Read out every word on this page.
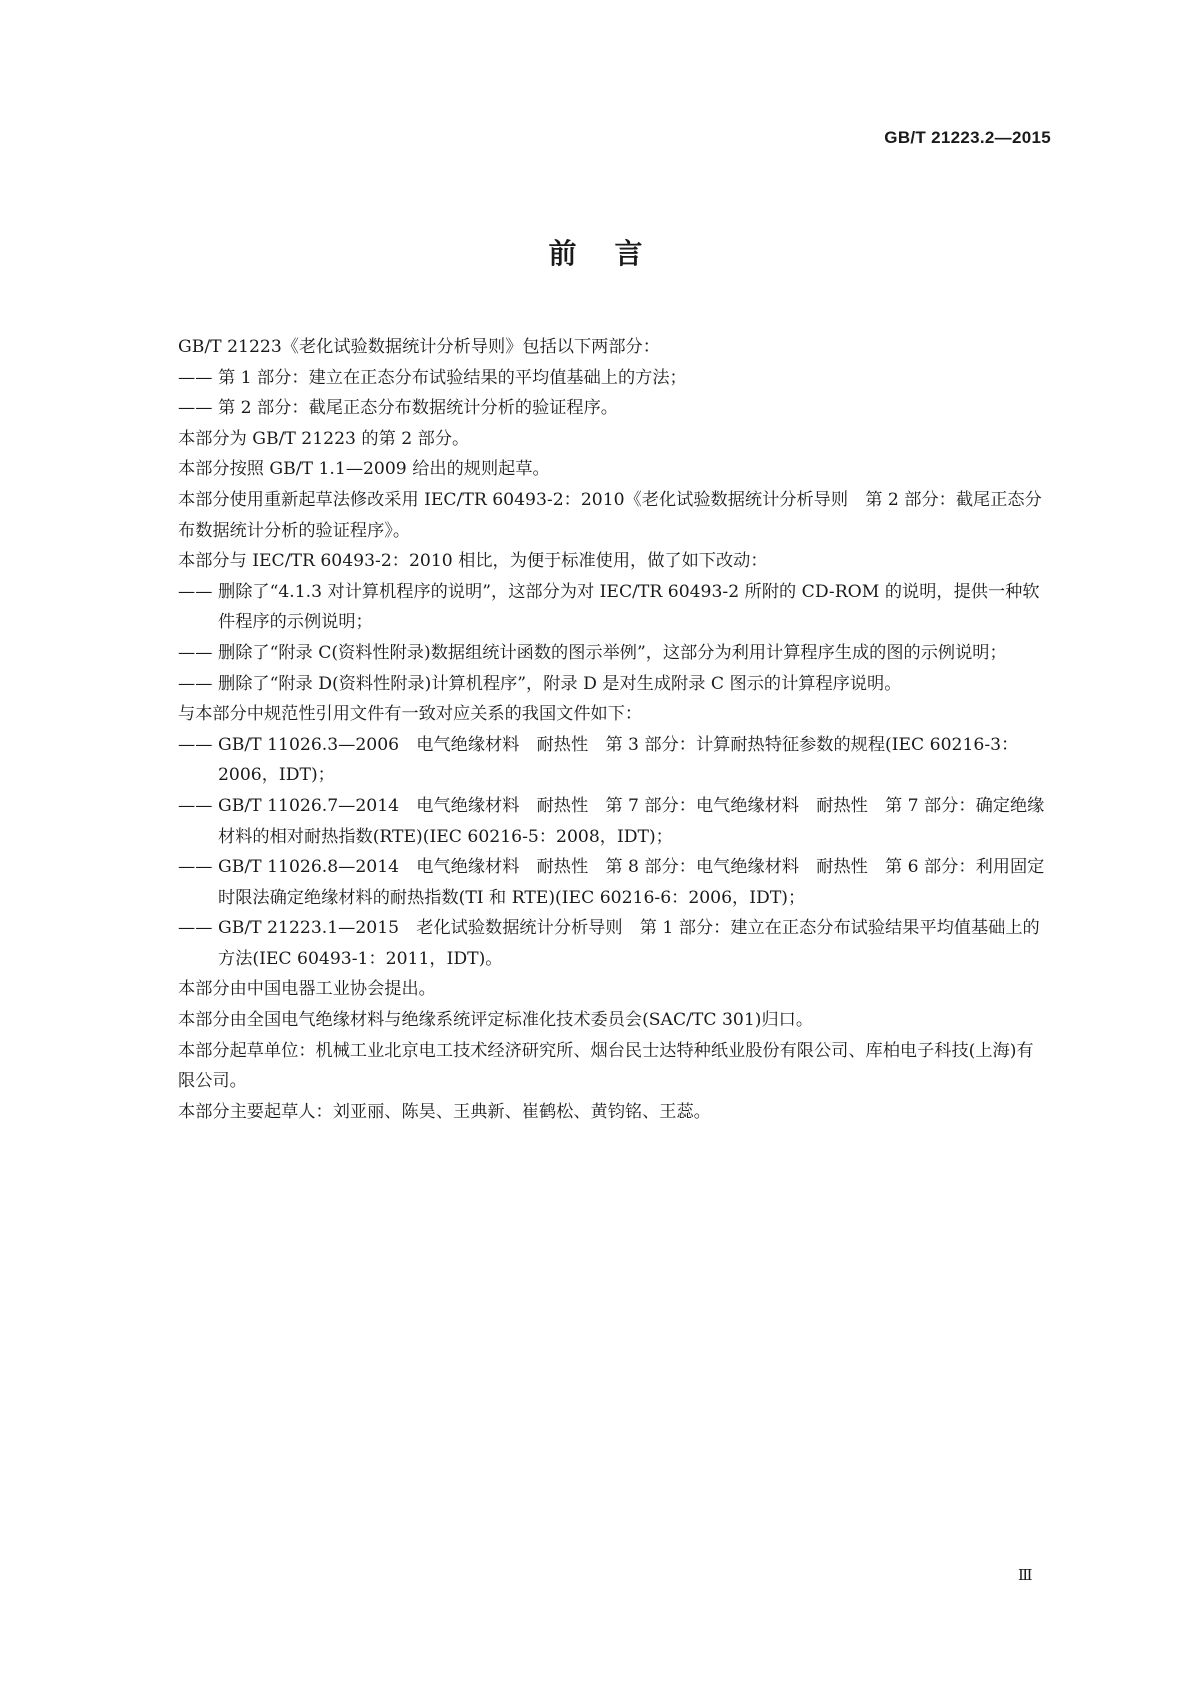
GB/T 21223.2—2015
前言
GB/T 21223《老化试验数据统计分析导则》包括以下两部分：
—— 第 1 部分：建立在正态分布试验结果的平均值基础上的方法；
—— 第 2 部分：截尾正态分布数据统计分析的验证程序。
本部分为 GB/T 21223 的第 2 部分。
本部分按照 GB/T 1.1—2009 给出的规则起草。
本部分使用重新起草法修改采用 IEC/TR 60493-2：2010《老化试验数据统计分析导则　第 2 部分：截尾正态分布数据统计分析的验证程序》。
本部分与 IEC/TR 60493-2：2010 相比，为便于标准使用，做了如下改动：
—— 删除了“4.1.3 对计算机程序的说明”，这部分为对 IEC/TR 60493-2 所附的 CD-ROM 的说明，提供一种软件程序的示例说明；
—— 删除了“附录 C(资料性附录)数据组统计函数的图示举例”，这部分为利用计算程序生成的图的示例说明；
—— 删除了“附录 D(资料性附录)计算机程序”，附录 D 是对生成附录 C 图示的计算程序说明。
与本部分中规范性引用文件有一致对应关系的我国文件如下：
—— GB/T 11026.3—2006　电气绝缘材料　耐热性　第 3 部分：计算耐热特征参数的规程(IEC 60216-3：2006，IDT)；
—— GB/T 11026.7—2014　电气绝缘材料　耐热性　第 7 部分：电气绝缘材料　耐热性　第 7 部分：确定绝缘材料的相对耐热指数(RTE)(IEC 60216-5：2008，IDT)；
—— GB/T 11026.8—2014　电气绝缘材料　耐热性　第 8 部分：电气绝缘材料　耐热性　第 6 部分：利用固定时限法确定绝缘材料的耐热指数(TI 和 RTE)(IEC 60216-6：2006，IDT)；
—— GB/T 21223.1—2015　老化试验数据统计分析导则　第 1 部分：建立在正态分布试验结果平均值基础上的方法(IEC 60493-1：2011，IDT)。
本部分由中国电器工业协会提出。
本部分由全国电气绝缘材料与绝缘系统评定标准化技术委员会(SAC/TC 301)归口。
本部分起草单位：机械工业北京电工技术经济研究所、烟台民士达特种纸业股份有限公司、库柏电子科技(上海)有限公司。
本部分主要起草人：刘亚丽、陈昊、王典新、崔鹤松、黄钧铭、王蕊。
Ⅲ
